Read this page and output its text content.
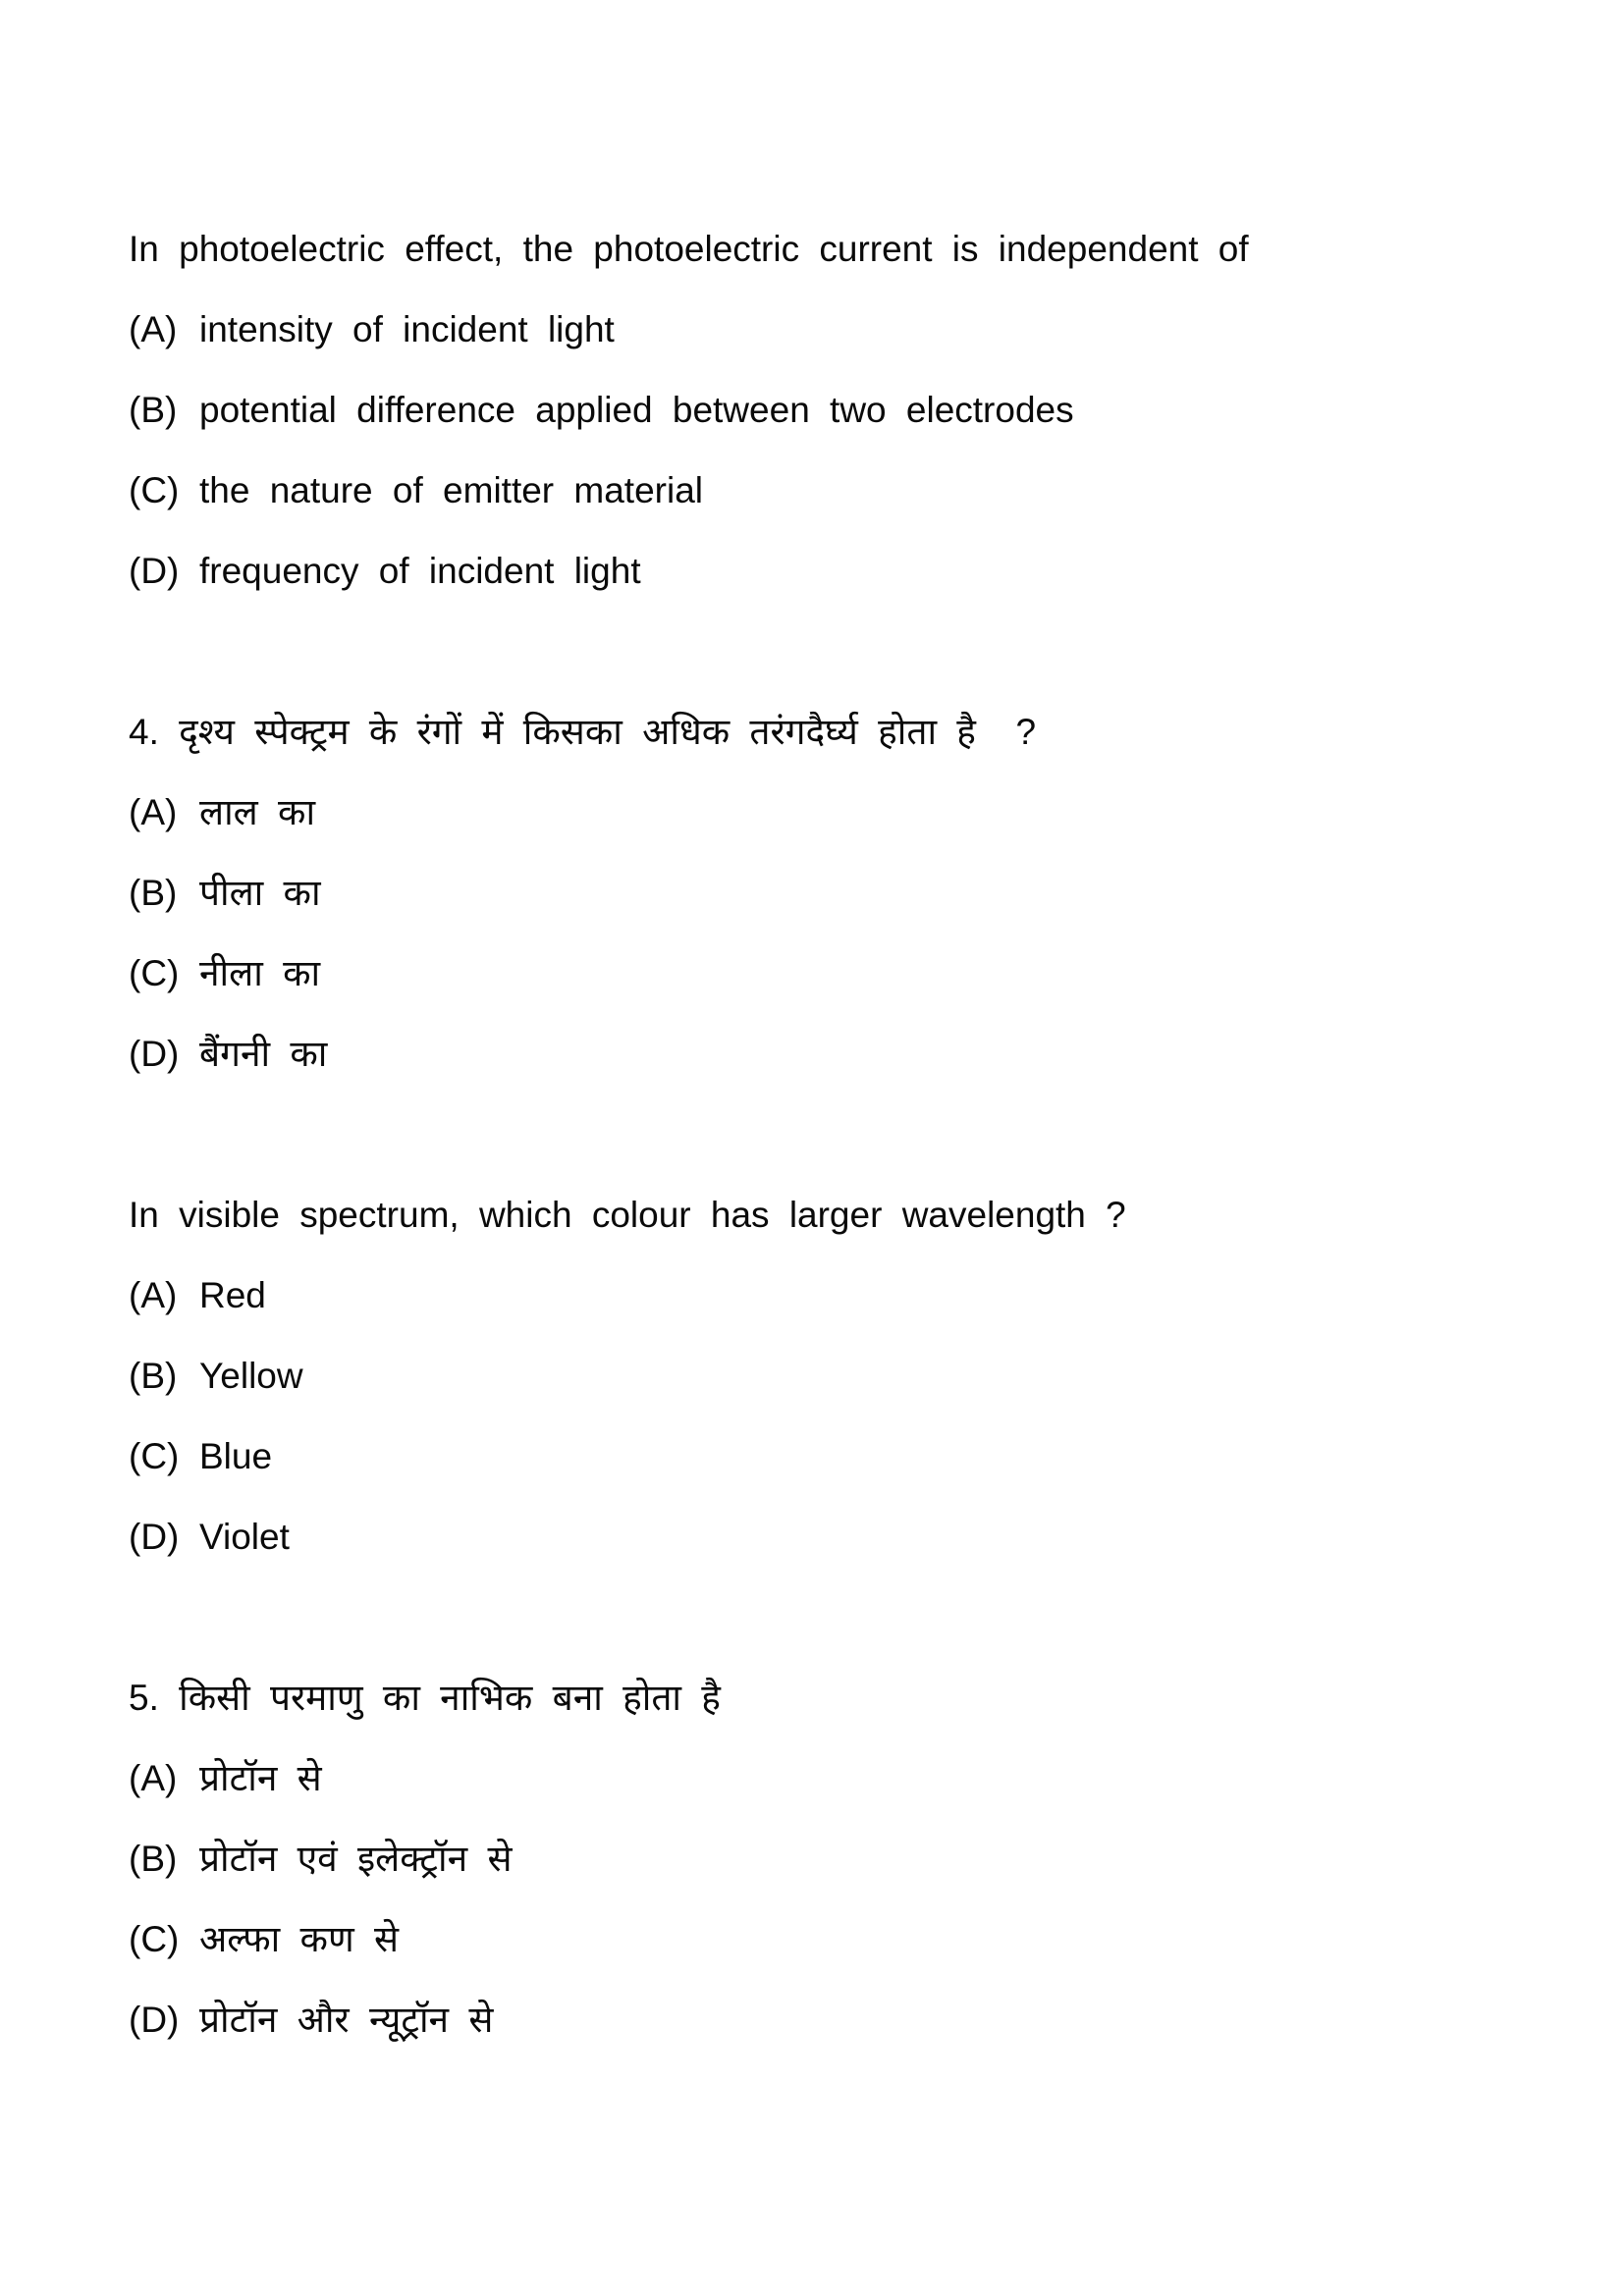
In photoelectric effect, the photoelectric current is independent of
(A) intensity of incident light
(B) potential difference applied between two electrodes
(C) the nature of emitter material
(D) frequency of incident light
4. दृश्य स्पेक्ट्रम के रंगों में किसका अधिक तरंगदैर्घ्य होता है  ?
(A) लाल का
(B) पीला का
(C) नीला का
(D) बैंगनी का
In visible spectrum, which colour has larger wavelength ?
(A) Red
(B) Yellow
(C) Blue
(D) Violet
5. किसी परमाणु का नाभिक बना होता है
(A) प्रोटॉन से
(B) प्रोटॉन एवं इलेक्ट्रॉन से
(C) अल्फा कण से
(D) प्रोटॉन और न्यूट्रॉन से
